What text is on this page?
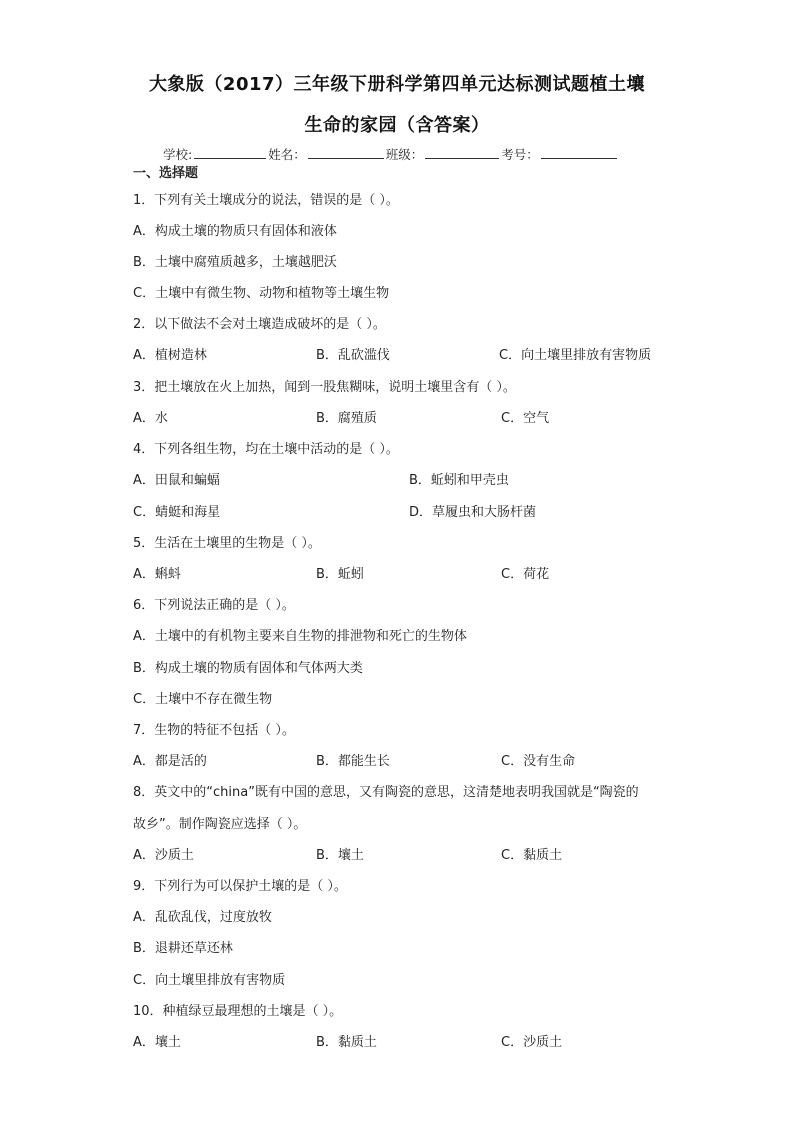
大象版（2017）三年级下册科学第四单元达标测试题植土壤
生命的家园（含答案）
学校:	姓名：	班级：	考号：
一、选择题
1．下列有关土壤成分的说法，错误的是（ ）。
A．构成土壤的物质只有固体和液体
B．土壤中腐殖质越多，土壤越肥沃
C．土壤中有微生物、动物和植物等土壤生物
2．以下做法不会对土壤造成破坏的是（ ）。
A．植树造林	B．乱砍滥伐	C．向土壤里排放有害物质
3．把土壤放在火上加热，闻到一股焦糊味，说明土壤里含有（ ）。
A．水	B．腐殖质	C．空气
4．下列各组生物，均在土壤中活动的是（ ）。
A．田鼠和蝙蝠	B．蚯蚓和甲壳虫
C．蜻蜓和海星	D．草履虫和大肠杆菌
5．生活在土壤里的生物是（ ）。
A．蝌蚪	B．蚯蚓	C．荷花
6．下列说法正确的是（ ）。
A．土壤中的有机物主要来自生物的排泄物和死亡的生物体
B．构成土壤的物质有固体和气体两大类
C．土壤中不存在微生物
7．生物的特征不包括（ ）。
A．都是活的	B．都能生长	C．没有生命
8．英文中的“china”既有中国的意思，又有陶瓷的意思，这清楚地表明我国就是“陶瓷的
故乡”。制作陶瓷应选择（ ）。
A．沙质土	B．壤土	C．黏质土
9．下列行为可以保护土壤的是（ ）。
A．乱砍乱伐，过度放牧
B．退耕还草还林
C．向土壤里排放有害物质
10．种植绿豆最理想的土壤是（ ）。
A．壤土	B．黏质土	C．沙质土
